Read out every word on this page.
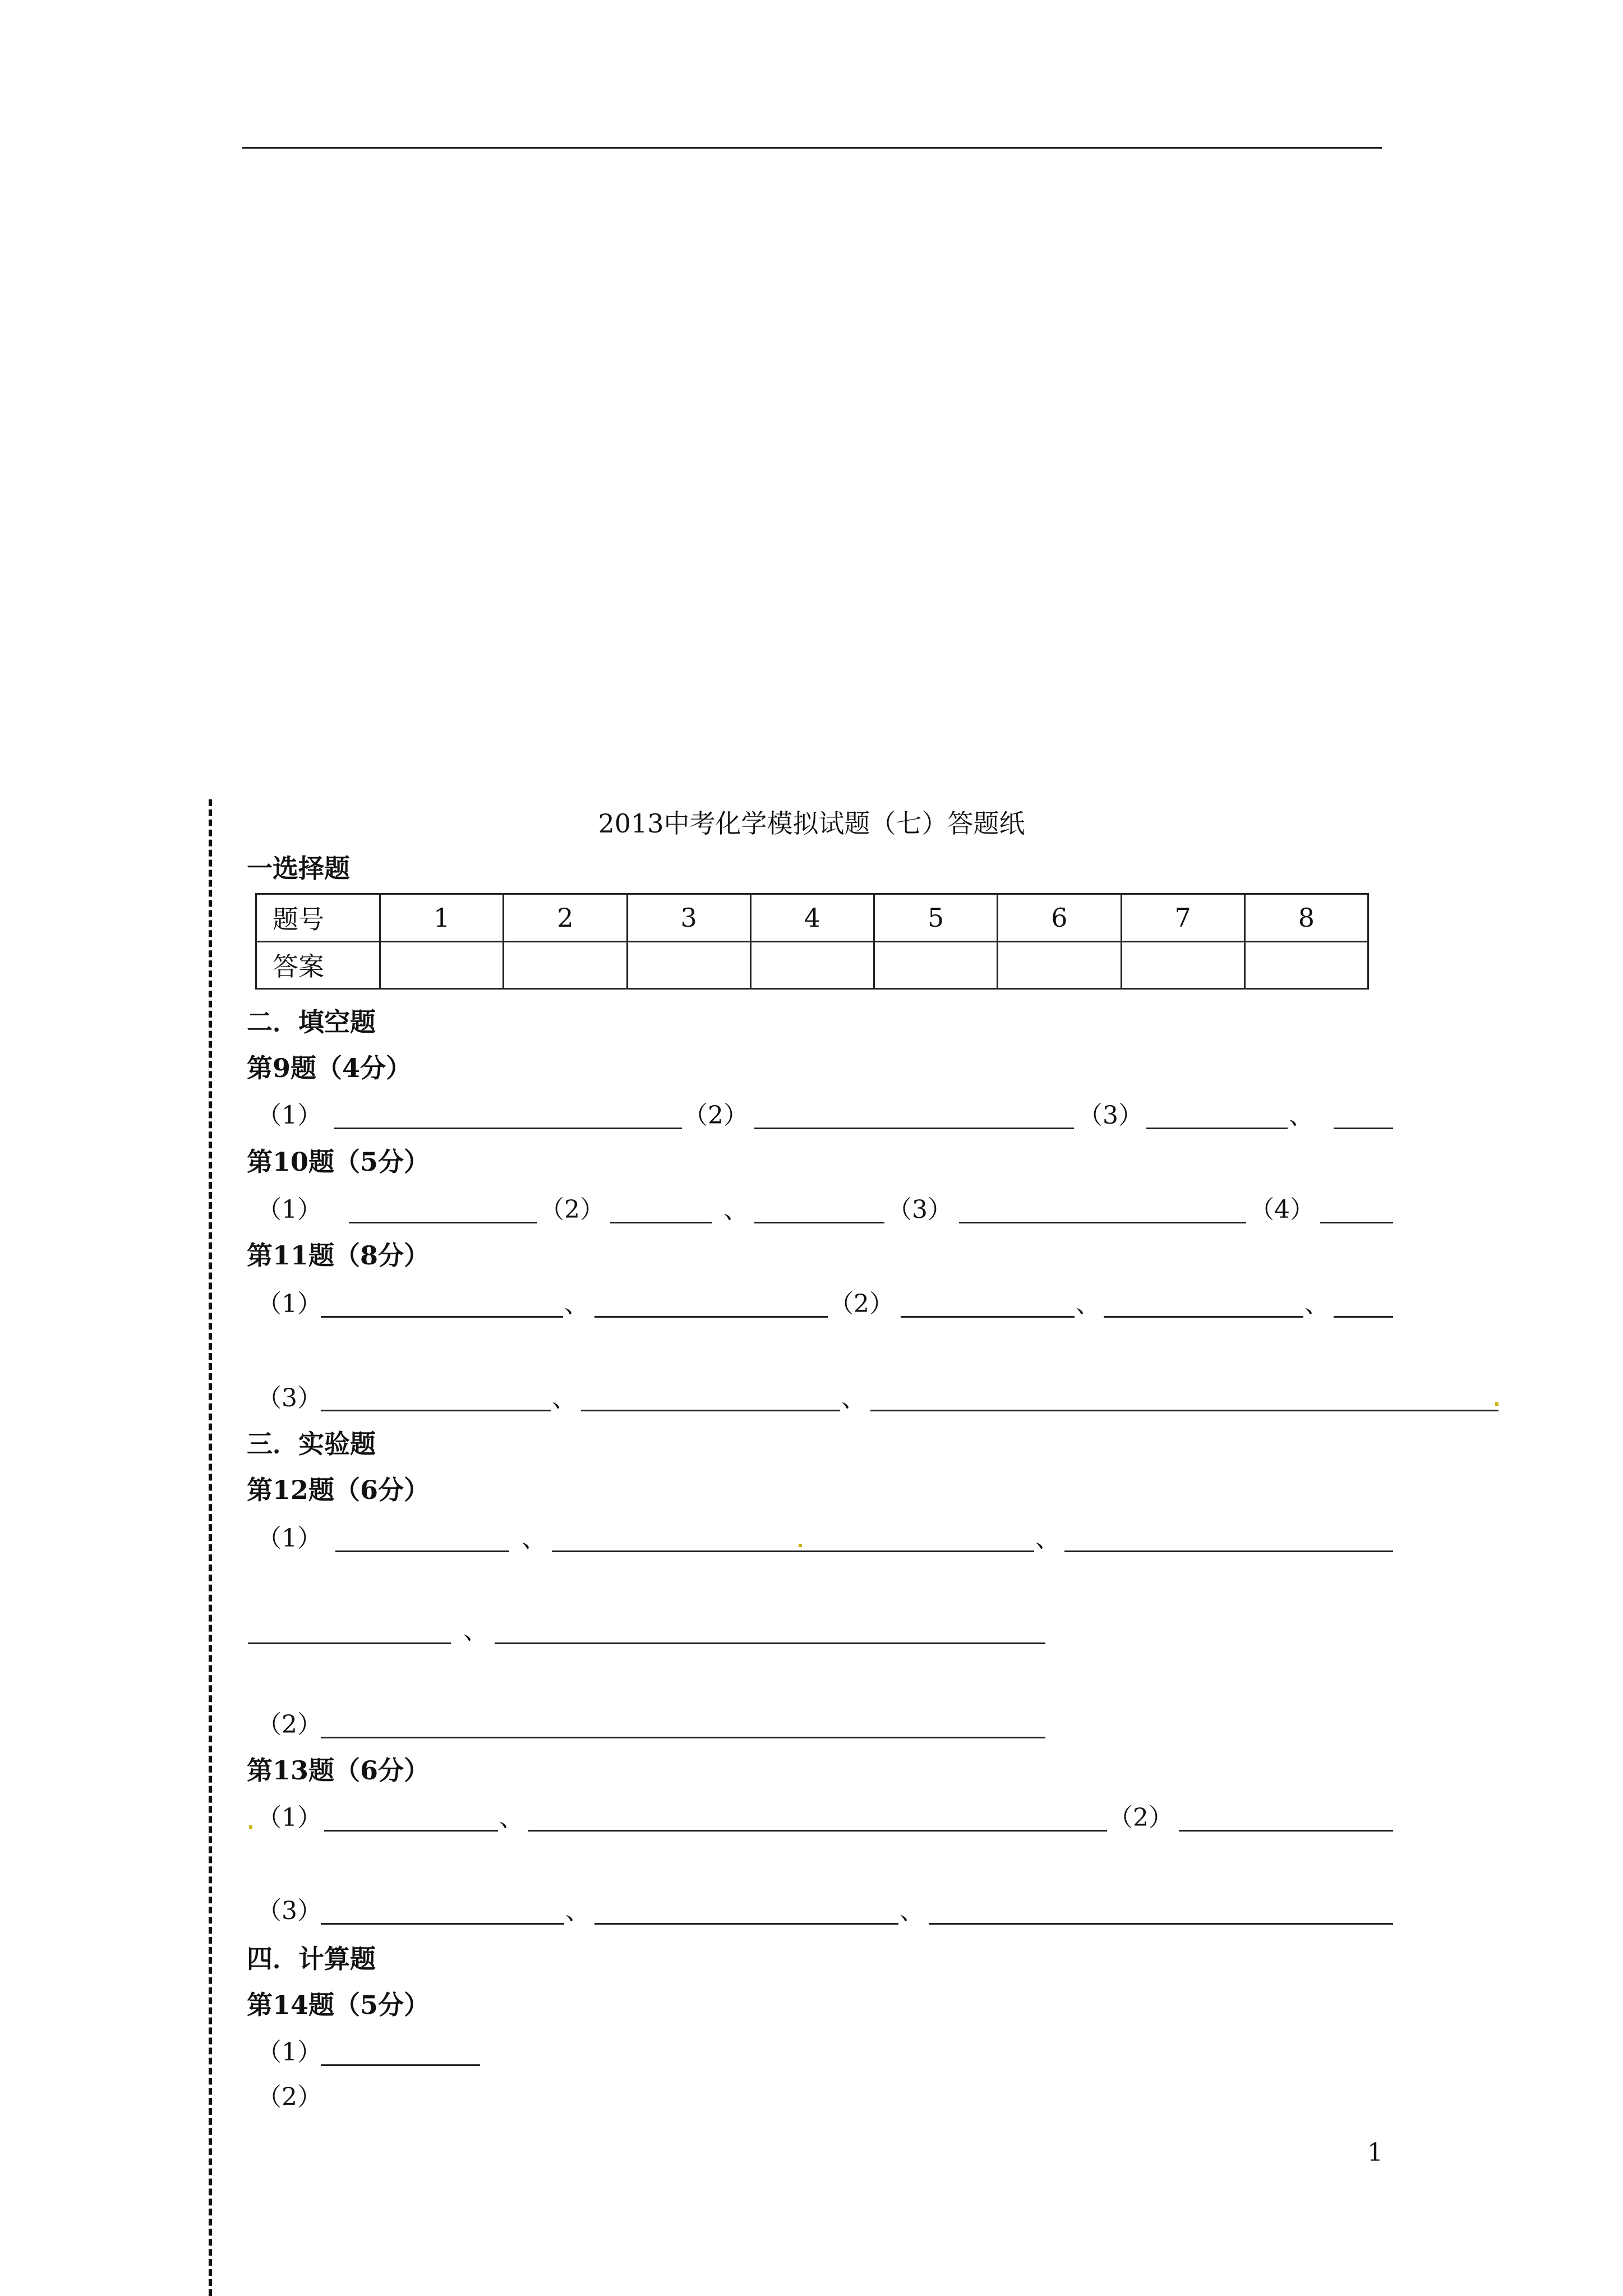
2013中考化学模拟试题（七）答题纸
一选择题
题号	1	2	3	4	5	6	7	8
答案								
二．填空题
第9题（4分）
（1）	（2）	（3）	、
第10题（5分）
（1）	（2）	、	（3）	（4）
第11题（8分）
（1）	、	（2）	、	、
（3）	、	、
三．实验题
第12题（6分）
（1）	、	、
、
（2）
第13题（6分）
（1）	、	（2）
（3）	、	、
四．计算题
第14题（5分）
（1）
（2）
1
